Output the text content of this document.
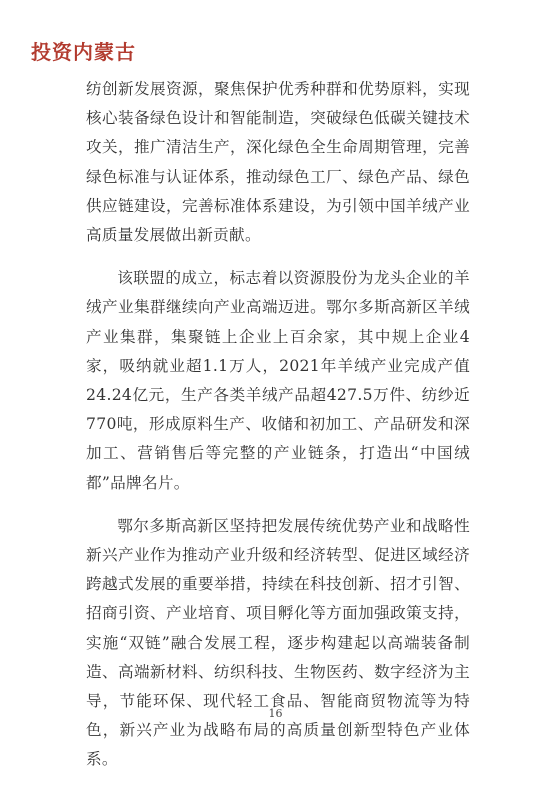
投资内蒙古

纺创新发展资源，聚焦保护优秀种群和优势原料，实现核心装备绿色设计和智能制造，突破绿色低碳关键技术攻关，推广清洁生产，深化绿色全生命周期管理，完善绿色标准与认证体系，推动绿色工厂、绿色产品、绿色供应链建设，完善标准体系建设，为引领中国羊绒产业高质量发展做出新贡献。

该联盟的成立，标志着以资源股份为龙头企业的羊绒产业集群继续向产业高端迈进。鄂尔多斯高新区羊绒产业集群，集聚链上企业上百余家，其中规上企业4家，吸纳就业超1.1万人，2021年羊绒产业完成产值24.24亿元，生产各类羊绒产品超427.5万件、纺纱近770吨，形成原料生产、收储和初加工、产品研发和深加工、营销售后等完整的产业链条，打造出“中国绒都”品牌名片。

鄂尔多斯高新区坚持把发展传统优势产业和战略性新兴产业作为推动产业升级和经济转型、促进区域经济跨越式发展的重要举措，持续在科技创新、招才引智、招商引资、产业培育、项目孵化等方面加强政策支持，实施“双链”融合发展工程，逐步构建起以高端装备制造、高端新材料、纺织科技、生物医药、数字经济为主导，节能环保、现代轻工食品、智能商贸物流等为特色，新兴产业为战略布局的高质量创新型特色产业体系。

16
